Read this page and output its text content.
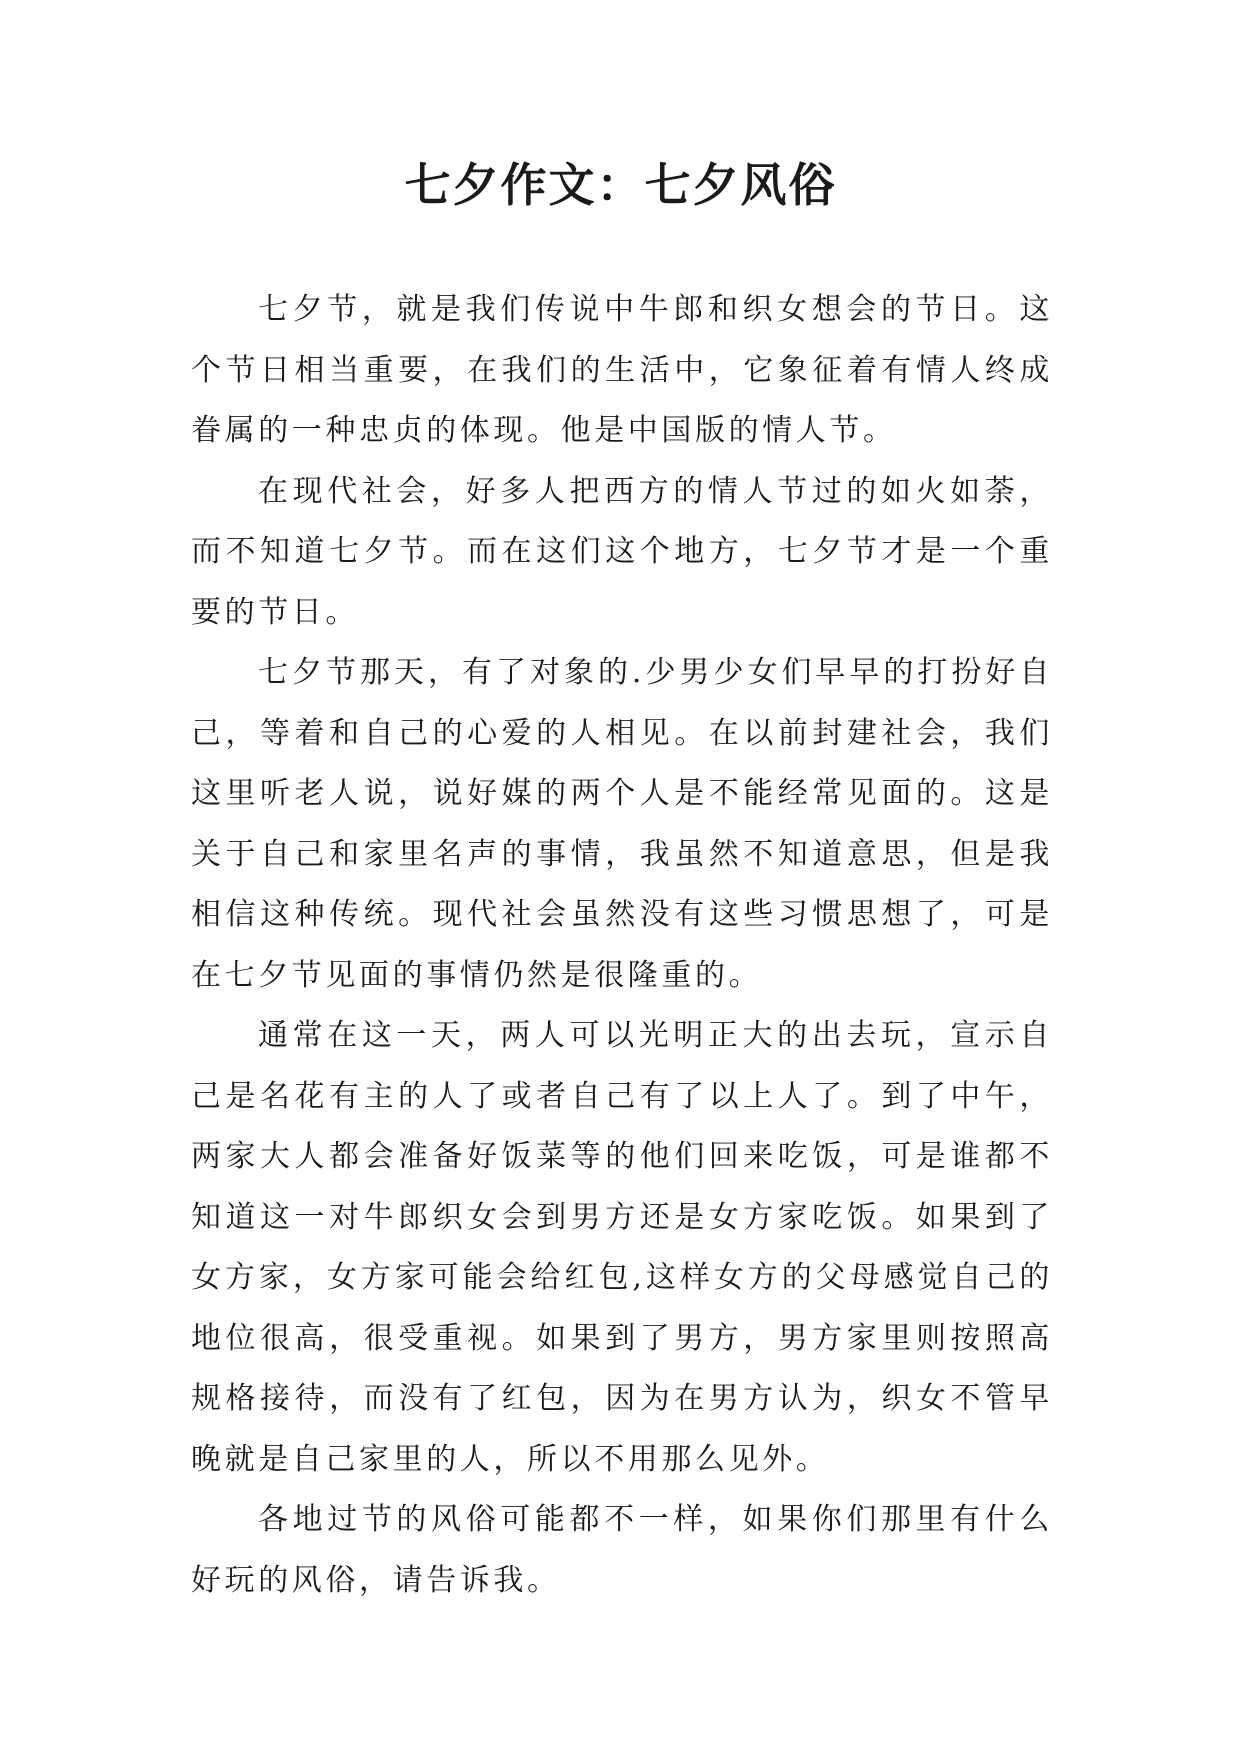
七夕作文：七夕风俗

七夕节，就是我们传说中牛郎和织女想会的节日。这个节日相当重要，在我们的生活中，它象征着有情人终成眷属的一种忠贞的体现。他是中国版的情人节。

在现代社会，好多人把西方的情人节过的如火如荼，而不知道七夕节。而在这们这个地方，七夕节才是一个重要的节日。

七夕节那天，有了对象的.少男少女们早早的打扮好自己，等着和自己的心爱的人相见。在以前封建社会，我们这里听老人说，说好媒的两个人是不能经常见面的。这是关于自己和家里名声的事情，我虽然不知道意思，但是我相信这种传统。现代社会虽然没有这些习惯思想了，可是在七夕节见面的事情仍然是很隆重的。

通常在这一天，两人可以光明正大的出去玩，宣示自己是名花有主的人了或者自己有了以上人了。到了中午，两家大人都会准备好饭菜等的他们回来吃饭，可是谁都不知道这一对牛郎织女会到男方还是女方家吃饭。如果到了女方家，女方家可能会给红包,这样女方的父母感觉自己的地位很高，很受重视。如果到了男方，男方家里则按照高规格接待，而没有了红包，因为在男方认为，织女不管早晚就是自己家里的人，所以不用那么见外。

各地过节的风俗可能都不一样，如果你们那里有什么好玩的风俗，请告诉我。
